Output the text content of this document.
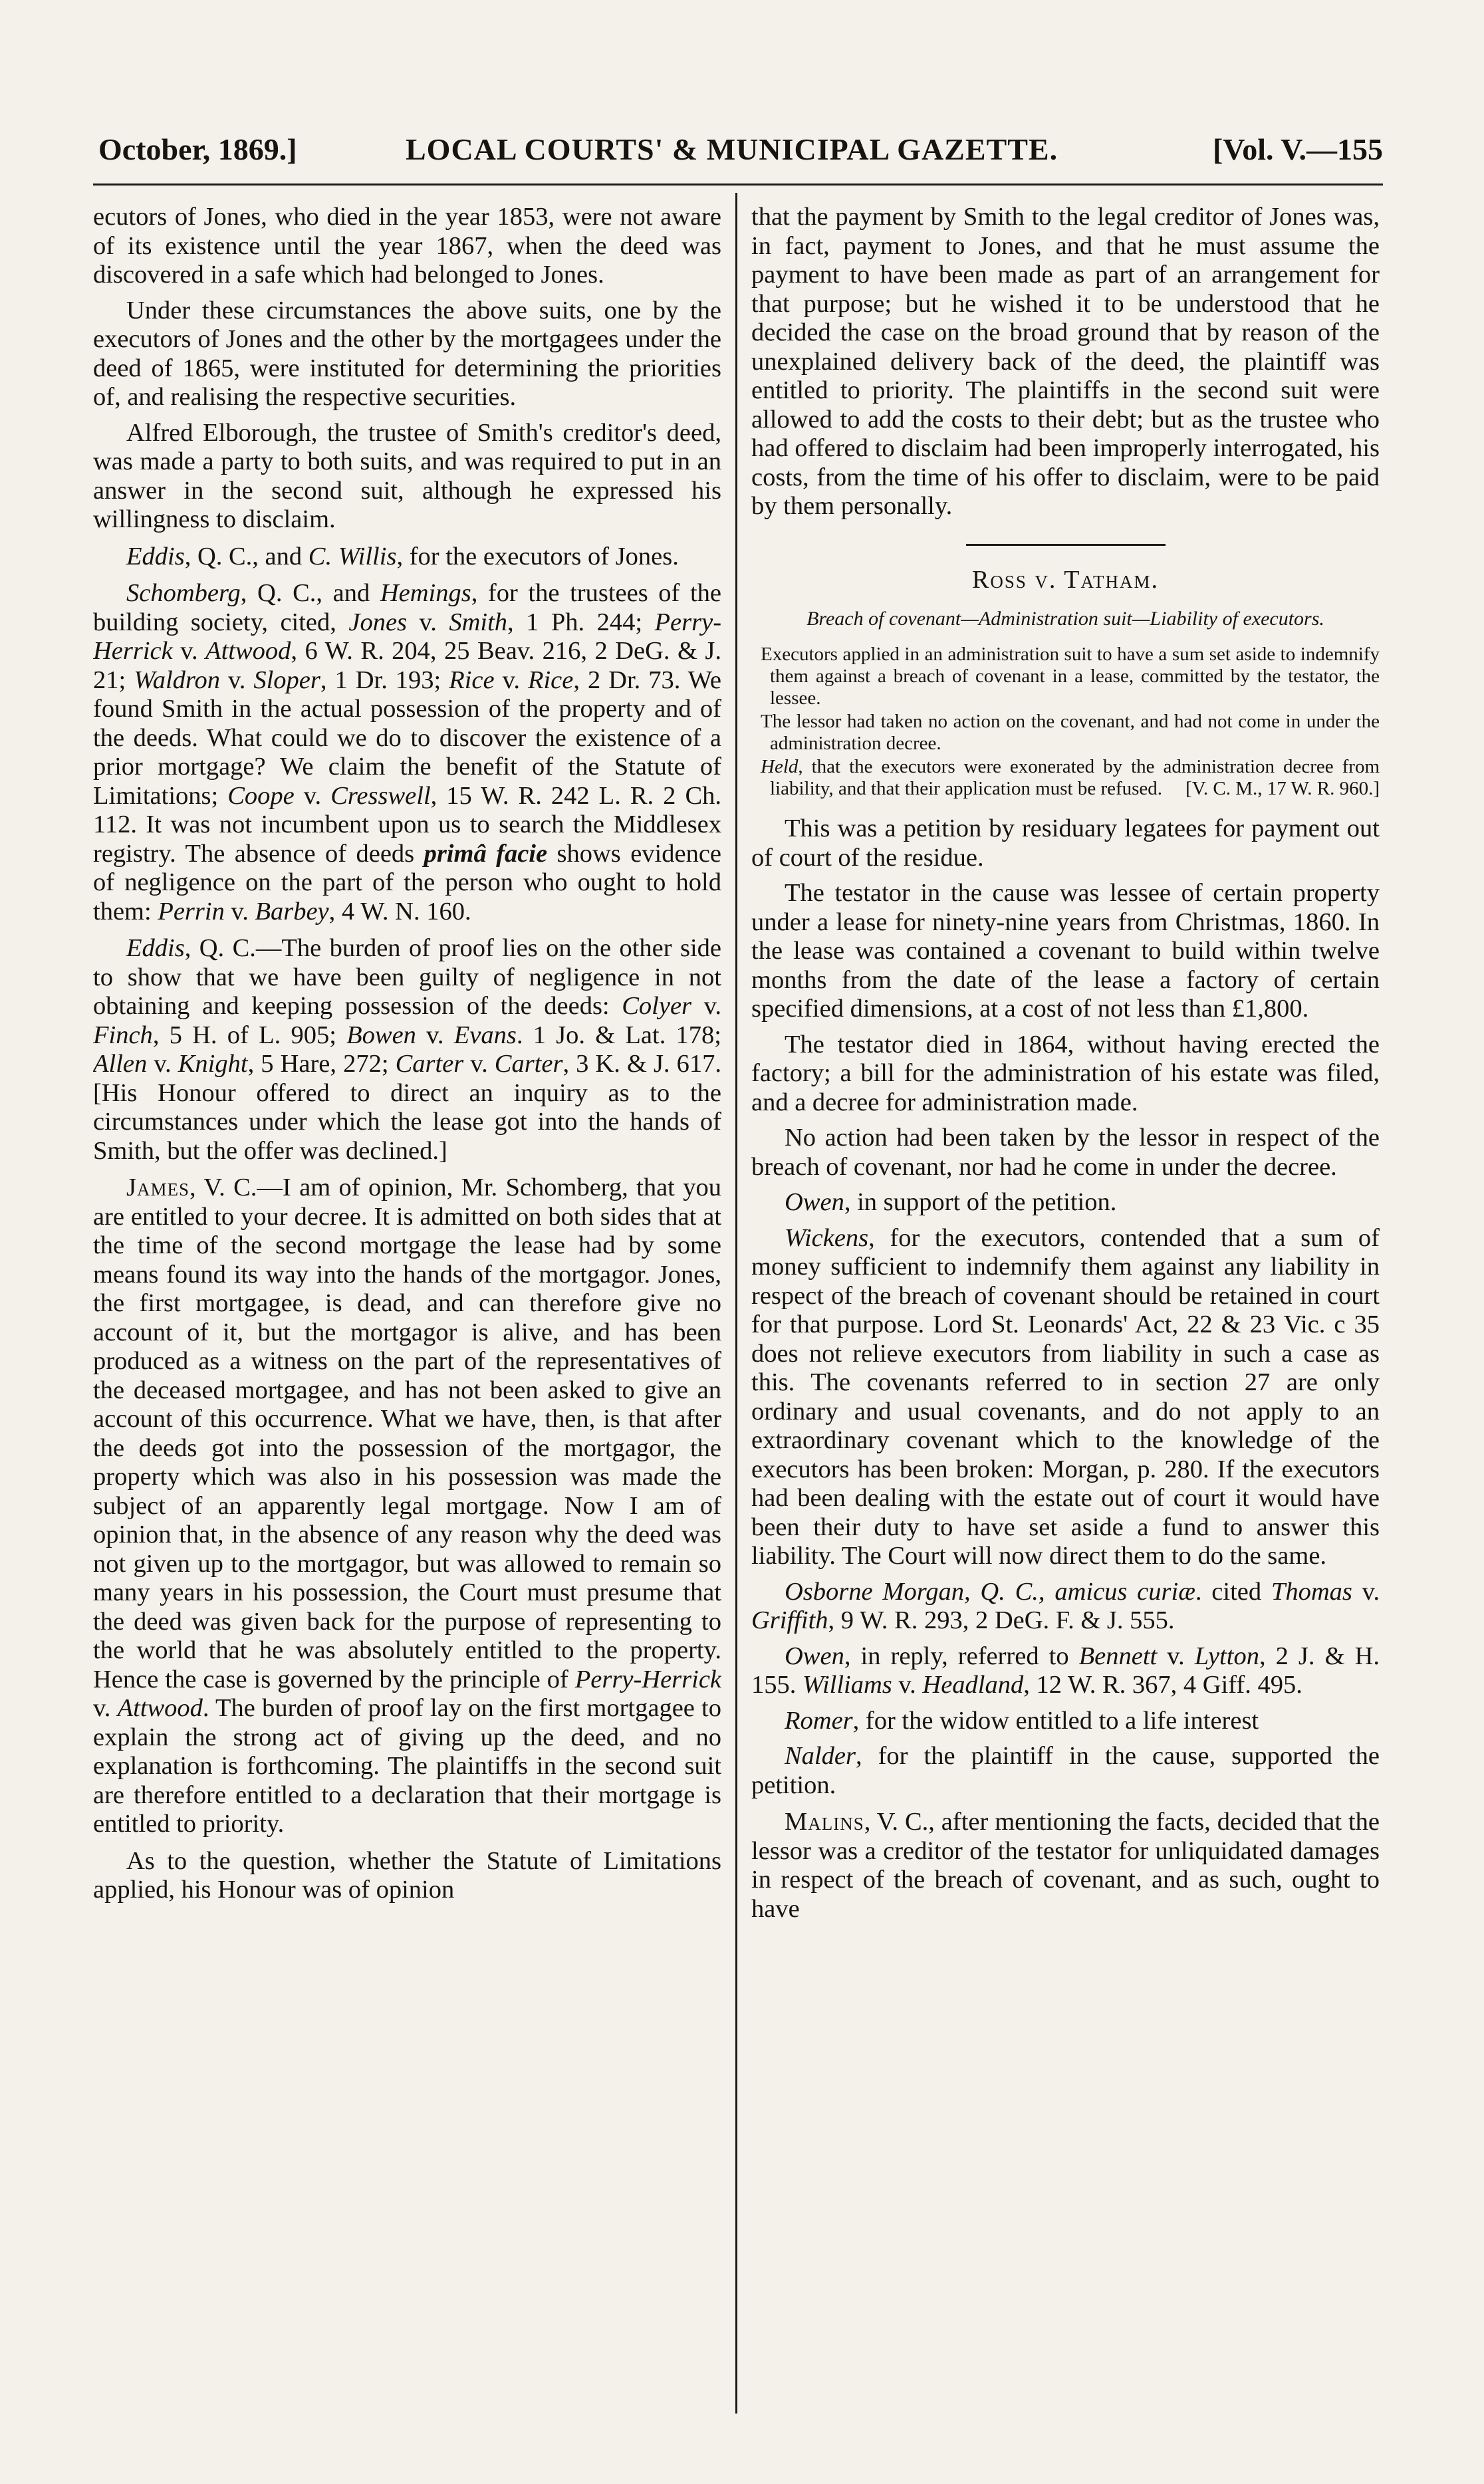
October, 1869.]	LOCAL COURTS' & MUNICIPAL GAZETTE.	[Vol. V.—155

ecutors of Jones, who died in the year 1853, were not aware of its existence until the year 1867, when the deed was discovered in a safe which had belonged to Jones.

Under these circumstances the above suits, one by the executors of Jones and the other by the mortgagees under the deed of 1865, were instituted for determining the priorities of, and realising the respective securities.

Alfred Elborough, the trustee of Smith's creditor's deed, was made a party to both suits, and was required to put in an answer in the second suit, although he expressed his willingness to disclaim.

Eddis, Q. C., and C. Willis, for the executors of Jones.

Schomberg, Q. C., and Hemings, for the trustees of the building society, cited, Jones v. Smith, 1 Ph. 244; Perry-Herrick v. Attwood, 6 W. R. 204, 25 Beav. 216, 2 DeG. & J. 21; Waldron v. Sloper, 1 Dr. 193; Rice v. Rice, 2 Dr. 73. We found Smith in the actual possession of the property and of the deeds. What could we do to discover the existence of a prior mortgage? We claim the benefit of the Statute of Limitations; Coope v. Cresswell, 15 W. R. 242 L. R. 2 Ch. 112. It was not incumbent upon us to search the Middlesex registry. The absence of deeds primâ facie shows evidence of negligence on the part of the person who ought to hold them: Perrin v. Barbey, 4 W. N. 160.

Eddis, Q. C.—The burden of proof lies on the other side to show that we have been guilty of negligence in not obtaining and keeping possession of the deeds: Colyer v. Finch, 5 H. of L. 905; Bowen v. Evans. 1 Jo. & Lat. 178; Allen v. Knight, 5 Hare, 272; Carter v. Carter, 3 K. & J. 617. [His Honour offered to direct an inquiry as to the circumstances under which the lease got into the hands of Smith, but the offer was declined.]

James, V. C.—I am of opinion, Mr. Schomberg, that you are entitled to your decree. It is admitted on both sides that at the time of the second mortgage the lease had by some means found its way into the hands of the mortgagor. Jones, the first mortgagee, is dead, and can therefore give no account of it, but the mortgagor is alive, and has been produced as a witness on the part of the representatives of the deceased mortgagee, and has not been asked to give an account of this occurrence. What we have, then, is that after the deeds got into the possession of the mortgagor, the property which was also in his possession was made the subject of an apparently legal mortgage. Now I am of opinion that, in the absence of any reason why the deed was not given up to the mortgagor, but was allowed to remain so many years in his possession, the Court must presume that the deed was given back for the purpose of representing to the world that he was absolutely entitled to the property. Hence the case is governed by the principle of Perry-Herrick v. Attwood. The burden of proof lay on the first mortgagee to explain the strong act of giving up the deed, and no explanation is forthcoming. The plaintiffs in the second suit are therefore entitled to a declaration that their mortgage is entitled to priority.

As to the question, whether the Statute of Limitations applied, his Honour was of opinion

that the payment by Smith to the legal creditor of Jones was, in fact, payment to Jones, and that he must assume the payment to have been made as part of an arrangement for that purpose; but he wished it to be understood that he decided the case on the broad ground that by reason of the unexplained delivery back of the deed, the plaintiff was entitled to priority. The plaintiffs in the second suit were allowed to add the costs to their debt; but as the trustee who had offered to disclaim had been improperly interrogated, his costs, from the time of his offer to disclaim, were to be paid by them personally.

Ross v. Tatham.
Breach of covenant—Administration suit—Liability of executors.

Executors applied in an administration suit to have a sum set aside to indemnify them against a breach of covenant in a lease, committed by the testator, the lessee.

The lessor had taken no action on the covenant, and had not come in under the administration decree.

Held, that the executors were exonerated by the administration decree from liability, and that their application must be refused. [V. C. M., 17 W. R. 960.]

This was a petition by residuary legatees for payment out of court of the residue.

The testator in the cause was lessee of certain property under a lease for ninety-nine years from Christmas, 1860. In the lease was contained a covenant to build within twelve months from the date of the lease a factory of certain specified dimensions, at a cost of not less than £1,800.

The testator died in 1864, without having erected the factory; a bill for the administration of his estate was filed, and a decree for administration made.

No action had been taken by the lessor in respect of the breach of covenant, nor had he come in under the decree.

Owen, in support of the petition.

Wickens, for the executors, contended that a sum of money sufficient to indemnify them against any liability in respect of the breach of covenant should be retained in court for that purpose. Lord St. Leonards' Act, 22 & 23 Vic. c 35 does not relieve executors from liability in such a case as this. The covenants referred to in section 27 are only ordinary and usual covenants, and do not apply to an extraordinary covenant which to the knowledge of the executors has been broken: Morgan, p. 280. If the executors had been dealing with the estate out of court it would have been their duty to have set aside a fund to answer this liability. The Court will now direct them to do the same.

Osborne Morgan, Q. C., amicus curiæ. cited Thomas v. Griffith, 9 W. R. 293, 2 DeG. F. & J. 555.

Owen, in reply, referred to Bennett v. Lytton, 2 J. & H. 155. Williams v. Headland, 12 W. R. 367, 4 Giff. 495.

Romer, for the widow entitled to a life interest

Nalder, for the plaintiff in the cause, supported the petition.

Malins, V. C., after mentioning the facts, decided that the lessor was a creditor of the testator for unliquidated damages in respect of the breach of covenant, and as such, ought to have
